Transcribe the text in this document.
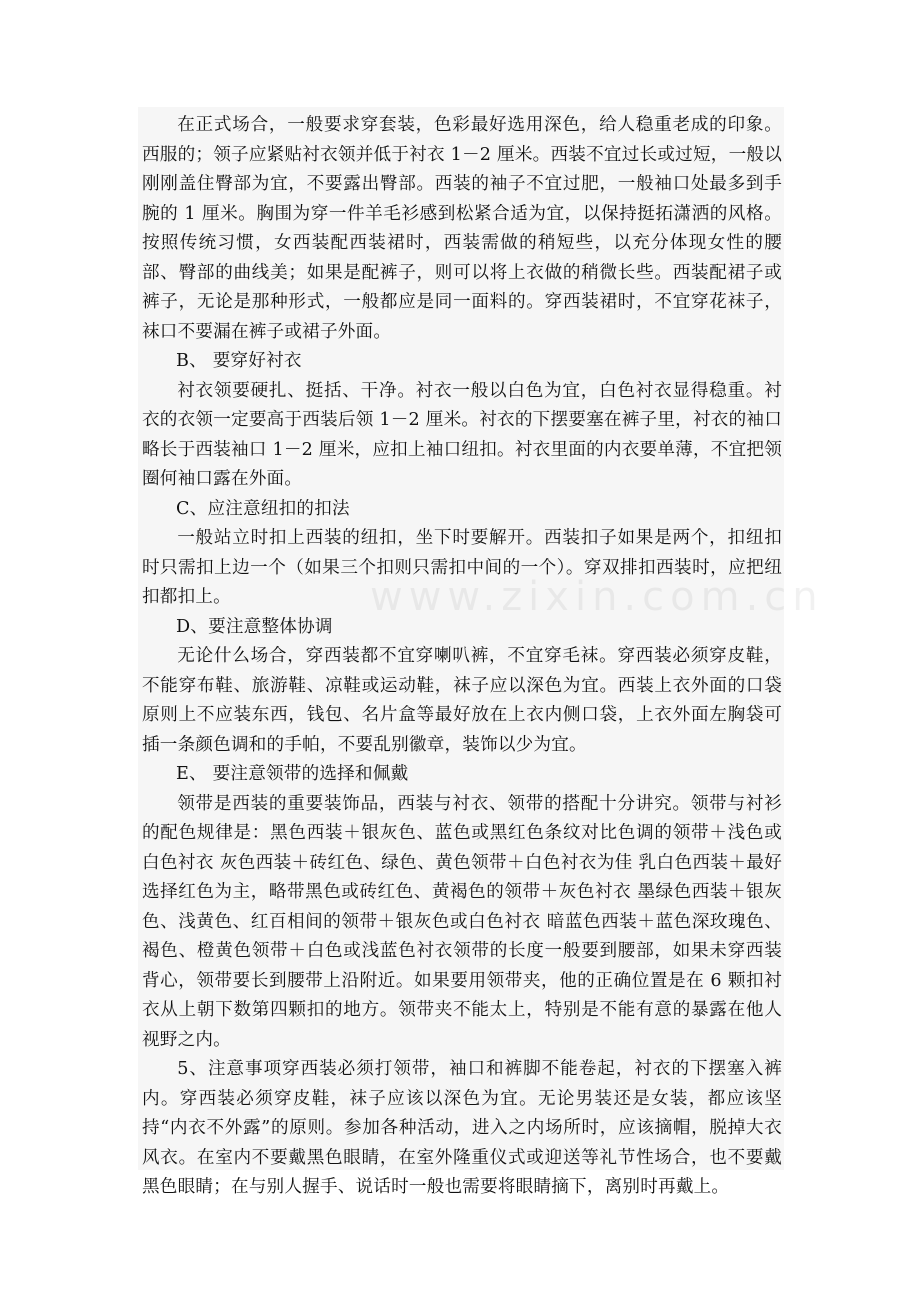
在正式场合，一般要求穿套装，色彩最好选用深色，给人稳重老成的印象。西服的；领子应紧贴衬衣领并低于衬衣 1－2 厘米。西装不宜过长或过短，一般以刚刚盖住臀部为宜，不要露出臀部。西装的袖子不宜过肥，一般袖口处最多到手腕的 1 厘米。胸围为穿一件羊毛衫感到松紧合适为宜，以保持挺拓潇洒的风格。按照传统习惯，女西装配西装裙时，西装需做的稍短些，以充分体现女性的腰部、臀部的曲线美；如果是配裤子，则可以将上衣做的稍微长些。西装配裙子或裤子，无论是那种形式，一般都应是同一面料的。穿西装裙时，不宜穿花袜子，袜口不要漏在裤子或裙子外面。

B、 要穿好衬衣

衬衣领要硬扎、挺括、干净。衬衣一般以白色为宜，白色衬衣显得稳重。衬衣的衣领一定要高于西装后领 1－2 厘米。衬衣的下摆要塞在裤子里，衬衣的袖口略长于西装袖口 1－2 厘米，应扣上袖口纽扣。衬衣里面的内衣要单薄，不宜把领圈何袖口露在外面。

C、应注意纽扣的扣法

一般站立时扣上西装的纽扣，坐下时要解开。西装扣子如果是两个，扣纽扣时只需扣上边一个（如果三个扣则只需扣中间的一个）。穿双排扣西装时，应把纽扣都扣上。

D、要注意整体协调

无论什么场合，穿西装都不宜穿喇叭裤，不宜穿毛袜。穿西装必须穿皮鞋，不能穿布鞋、旅游鞋、凉鞋或运动鞋，袜子应以深色为宜。西装上衣外面的口袋原则上不应装东西，钱包、名片盒等最好放在上衣内侧口袋，上衣外面左胸袋可插一条颜色调和的手帕，不要乱别徽章，装饰以少为宜。

E、 要注意领带的选择和佩戴

领带是西装的重要装饰品，西装与衬衣、领带的搭配十分讲究。领带与衬衫的配色规律是：黑色西装＋银灰色、蓝色或黑红色条纹对比色调的领带＋浅色或白色衬衣 灰色西装＋砖红色、绿色、黄色领带＋白色衬衣为佳 乳白色西装＋最好选择红色为主，略带黑色或砖红色、黄褐色的领带＋灰色衬衣 墨绿色西装＋银灰色、浅黄色、红百相间的领带＋银灰色或白色衬衣 暗蓝色西装＋蓝色深玫瑰色、褐色、橙黄色领带＋白色或浅蓝色衬衣领带的长度一般要到腰部，如果未穿西装背心，领带要长到腰带上沿附近。如果要用领带夹，他的正确位置是在 6 颗扣衬衣从上朝下数第四颗扣的地方。领带夹不能太上，特别是不能有意的暴露在他人视野之内。

5、注意事项穿西装必须打领带，袖口和裤脚不能卷起，衬衣的下摆塞入裤内。穿西装必须穿皮鞋，袜子应该以深色为宜。无论男装还是女装，都应该坚持“内衣不外露”的原则。参加各种活动，进入之内场所时，应该摘帽，脱掉大衣风衣。在室内不要戴黑色眼睛，在室外隆重仪式或迎送等礼节性场合，也不要戴黑色眼睛；在与别人握手、说话时一般也需要将眼睛摘下，离别时再戴上。
